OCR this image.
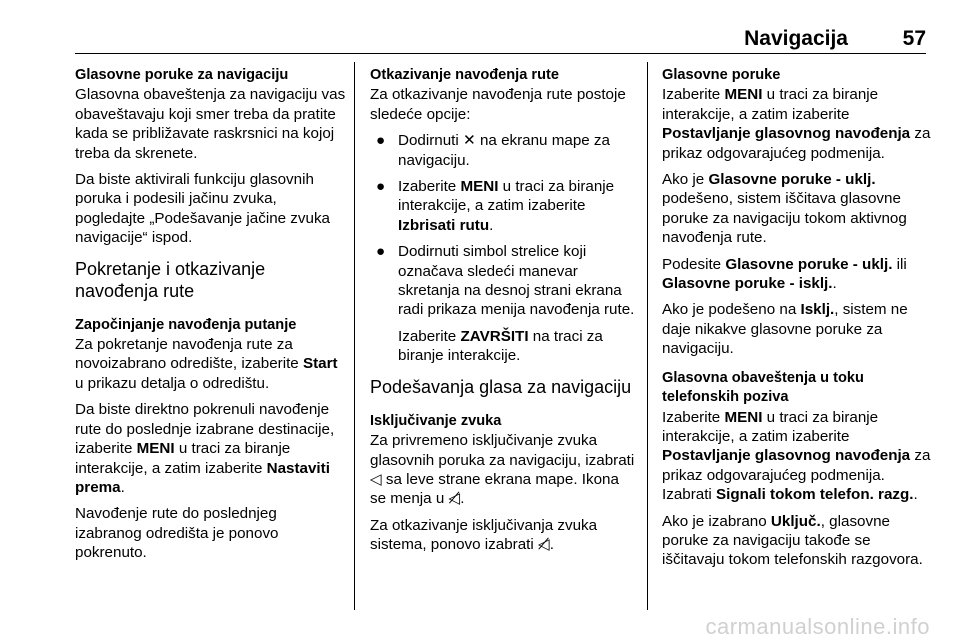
Navigacija	57
Glasovne poruke za navigaciju

Glasovna obaveštenja za navigaciju vas obaveštavaju koji smer treba da pratite kada se približavate raskrsnici na kojoj treba da skrenete.

Da biste aktivirali funkciju glasovnih poruka i podesili jačinu zvuka, pogledajte „Podešavanje jačine zvuka navigacije“ ispod.

Pokretanje i otkazivanje navođenja rute
Započinjanje navođenja putanje

Za pokretanje navođenja rute za novoizabrano odredište, izaberite Start u prikazu detalja o odredištu.

Da biste direktno pokrenuli navođenje rute do poslednje izabrane destinacije, izaberite MENI u traci za biranje interakcije, a zatim izaberite Nastaviti prema.

Navođenje rute do poslednjeg izabranog odredišta je ponovo pokrenuto.

Otkazivanje navođenja rute

Za otkazivanje navođenja rute postoje sledeće opcije:

● Dodirnuti ✕ na ekranu mape za navigaciju.
● Izaberite MENI u traci za biranje interakcije, a zatim izaberite Izbrisati rutu.
● Dodirnuti simbol strelice koji označava sledeći manevar skretanja na desnoj strani ekrana radi prikaza menija navođenja rute.

Izaberite ZAVRŠITI na traci za biranje interakcije.

Podešavanja glasa za navigaciju
Isključivanje zvuka

Za privremeno isključivanje zvuka glasovnih poruka za navigaciju, izabrati ◁ sa leve strane ekrana mape. Ikona se menja u ◁̸.

Za otkazivanje isključivanja zvuka sistema, ponovo izabrati ◁̸.

Glasovne poruke

Izaberite MENI u traci za biranje interakcije, a zatim izaberite Postavljanje glasovnog navođenja za prikaz odgovarajućeg podmenija.

Ako je Glasovne poruke - uklj. podešeno, sistem iščitava glasovne poruke za navigaciju tokom aktivnog navođenja rute.

Podesite Glasovne poruke - uklj. ili Glasovne poruke - isklj..

Ako je podešeno na Isklj., sistem ne daje nikakve glasovne poruke za navigaciju.

Glasovna obaveštenja u toku telefonskih poziva

Izaberite MENI u traci za biranje interakcije, a zatim izaberite Postavljanje glasovnog navođenja za prikaz odgovarajućeg podmenija. Izabrati Signali tokom telefon. razg..

Ako je izabrano Uključ., glasovne poruke za navigaciju takođe se iščitavaju tokom telefonskih razgovora.

carmanualsonline.info
